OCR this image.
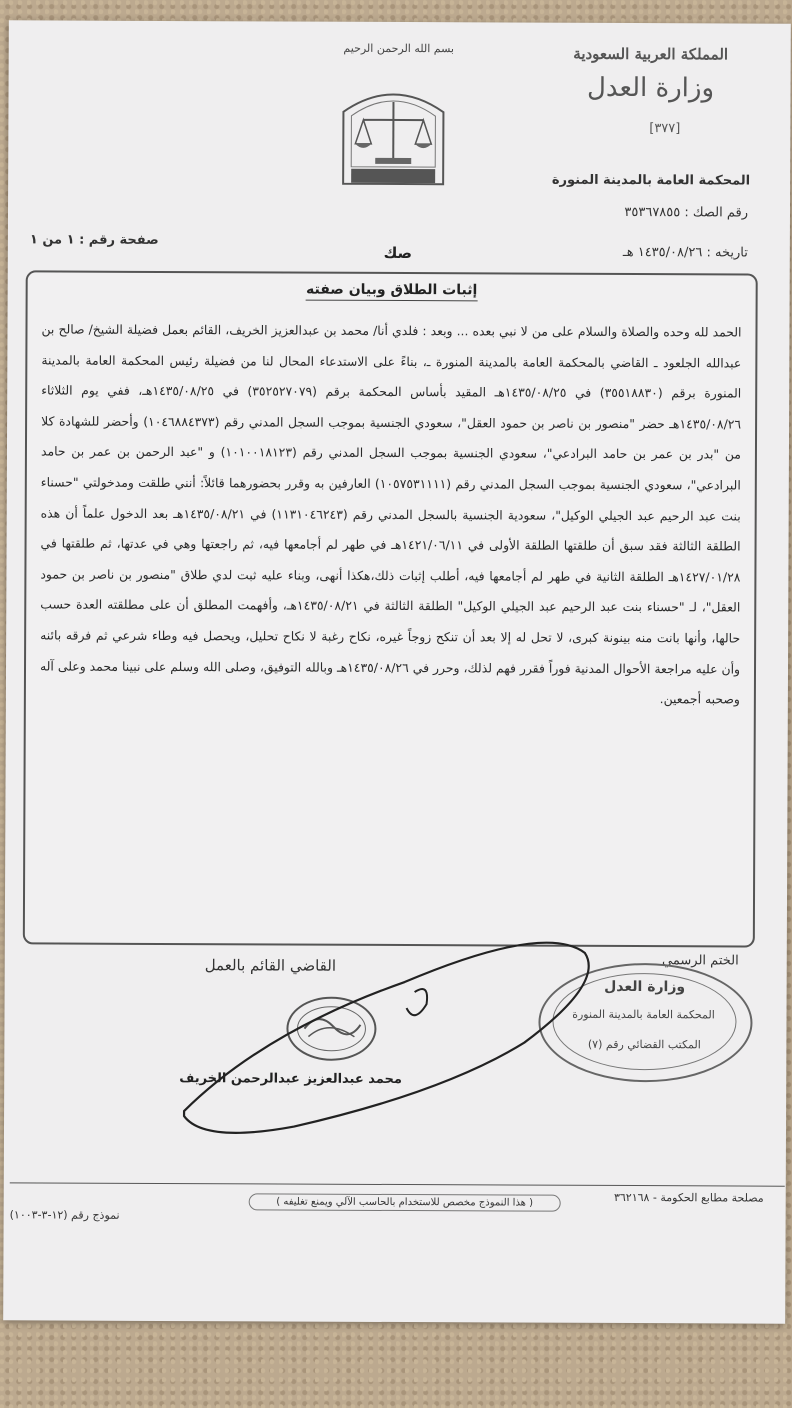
بسم الله الرحمن الرحيم	المملكة العربية السعودية
وزارة العدل
[٣٧٧]
المحكمة العامة بالمدينة المنورة
رقم الصك : ٣٥٣٦٧٨٥٥
صفحة رقم : ١ من ١
صك	تاريخه : ١٤٣٥/٠٨/٢٦ هـ
إثبات الطلاق وبيان صفته
الحمد لله وحده والصلاة والسلام على من لا نبي بعده ... وبعد : فلدي أنا/ محمد بن عبدالعزيز الخريف، القائم بعمل فضيلة الشيخ/ صالح بن عبدالله الجلعود ـ القاضي بالمحكمة العامة بالمدينة المنورة ـ، بناءً على الاستدعاء المحال لنا من فضيلة رئيس المحكمة العامة بالمدينة المنورة برقم (٣٥٥١٨٨٣٠) في ١٤٣٥/٠٨/٢٥هـ المقيد بأساس المحكمة برقم (٣٥٢٥٢٧٠٧٩) في ١٤٣٥/٠٨/٢٥هـ، ففي يوم الثلاثاء ١٤٣٥/٠٨/٢٦هـ حضر "منصور بن ناصر بن حمود العقل"، سعودي الجنسية بموجب السجل المدني رقم (١٠٤٦٨٨٤٣٧٣) وأحضر للشهادة كلا من "بدر بن عمر بن حامد البرادعي"، سعودي الجنسية بموجب السجل المدني رقم (١٠١٠٠١٨١٢٣) و "عبد الرحمن بن عمر بن حامد البرادعي"، سعودي الجنسية بموجب السجل المدني رقم (١٠٥٧٥٣١١١١) العارفين به وقرر بحضورهما قائلاً: أنني طلقت ومدخولتي "حسناء بنت عبد الرحيم عبد الجيلي الوكيل"، سعودية الجنسية بالسجل المدني رقم (١١٣١٠٤٦٢٤٣) في ١٤٣٥/٠٨/٢١هـ بعد الدخول علماً أن هذه الطلقة الثالثة فقد سبق أن طلقتها الطلقة الأولى في ١٤٢١/٠٦/١١هـ في طهر لم أجامعها فيه، ثم راجعتها وهي في عدتها، ثم طلقتها في ١٤٢٧/٠١/٢٨هـ الطلقة الثانية في طهر لم أجامعها فيه، أطلب إثبات ذلك،هكذا أنهى، وبناء عليه ثبت لدي طلاق "منصور بن ناصر بن حمود العقل"، لـ "حسناء بنت عبد الرحيم عبد الجيلي الوكيل" الطلقة الثالثة في ١٤٣٥/٠٨/٢١هـ، وأفهمت المطلق أن على مطلقته العدة حسب حالها، وأنها بانت منه بينونة كبرى، لا تحل له إلا بعد أن تنكح زوجاً غيره، نكاح رغبة لا نكاح تحليل، ويحصل فيه وطاء شرعي ثم فرقه بائنه وأن عليه مراجعة الأحوال المدنية فوراً فقرر فهم لذلك، وحرر في ١٤٣٥/٠٨/٢٦هـ وبالله التوفيق، وصلى الله وسلم على نبينا محمد وعلى آله وصحبه أجمعين.
الختم الرسمي
القاضي القائم بالعمل
وزارة العدل
المحكمة العامة بالمدينة المنورة
المكتب القضائي رقم (٧)
محمد عبدالعزيز عبدالرحمن الخريف
مصلحة مطابع الحكومة - ٣٦٢١٦٨
( هذا النموذج مخصص للاستخدام بالحاسب الآلي ويمنع تغليفه )
نموذج رقم (١٢-٣-١٠٠٣)
